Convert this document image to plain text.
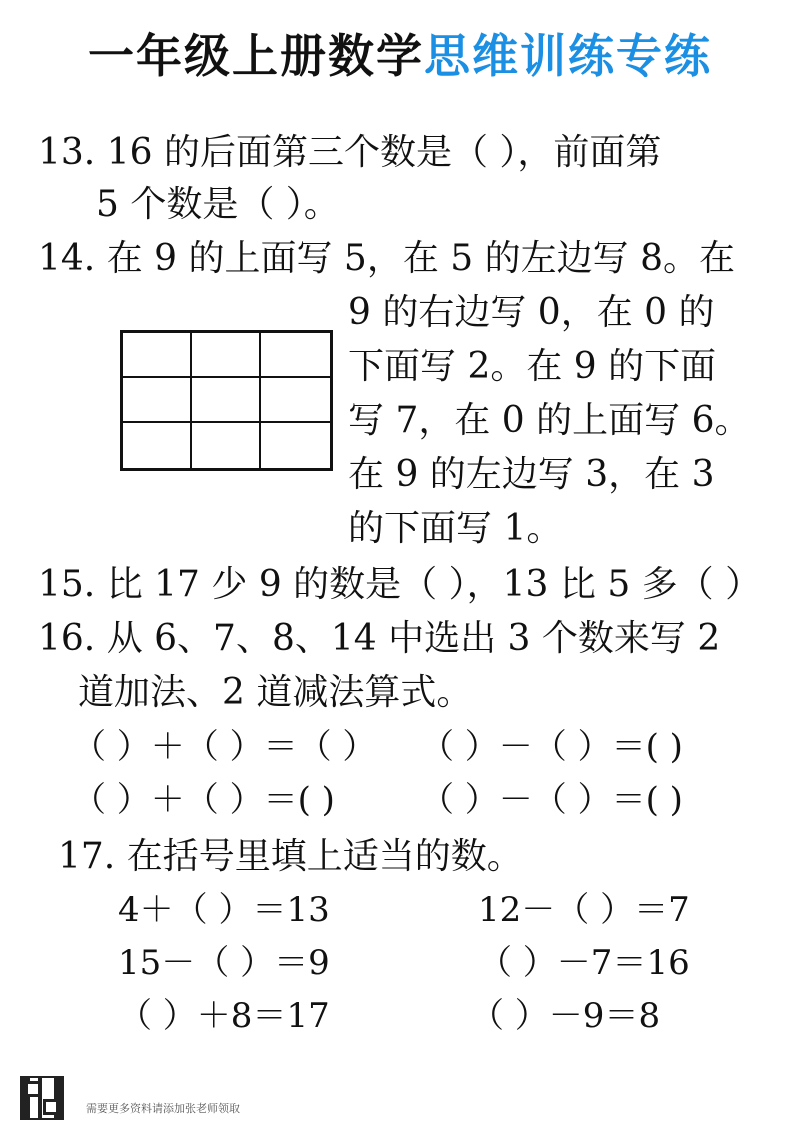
一年级上册数学思维训练专练
13. 16 的后面第三个数是（ ），前面第
5 个数是（ ）。
14. 在 9 的上面写 5，在 5 的左边写 8。在
9 的右边写 0，在 0 的
下面写 2。在 9 的下面
写 7，在 0 的上面写 6。
在 9 的左边写 3，在 3
的下面写 1。
15. 比 17 少 9 的数是（ ），13 比 5 多（ ）
16. 从 6、7、8、14 中选出 3 个数来写 2
道加法、2 道减法算式。
（ ）＋（ ）＝（ ） （ ）－（ ）＝( )
（ ）＋（ ）＝( )	（ ）－（ ）＝( )
17. 在括号里填上适当的数。
4＋（ ）＝13	12－（ ）＝7
15－（ ）＝9	（ ）－7＝16
（ ）＋8＝17	（ ）－9＝8
需要更多资料请添加张老师领取
